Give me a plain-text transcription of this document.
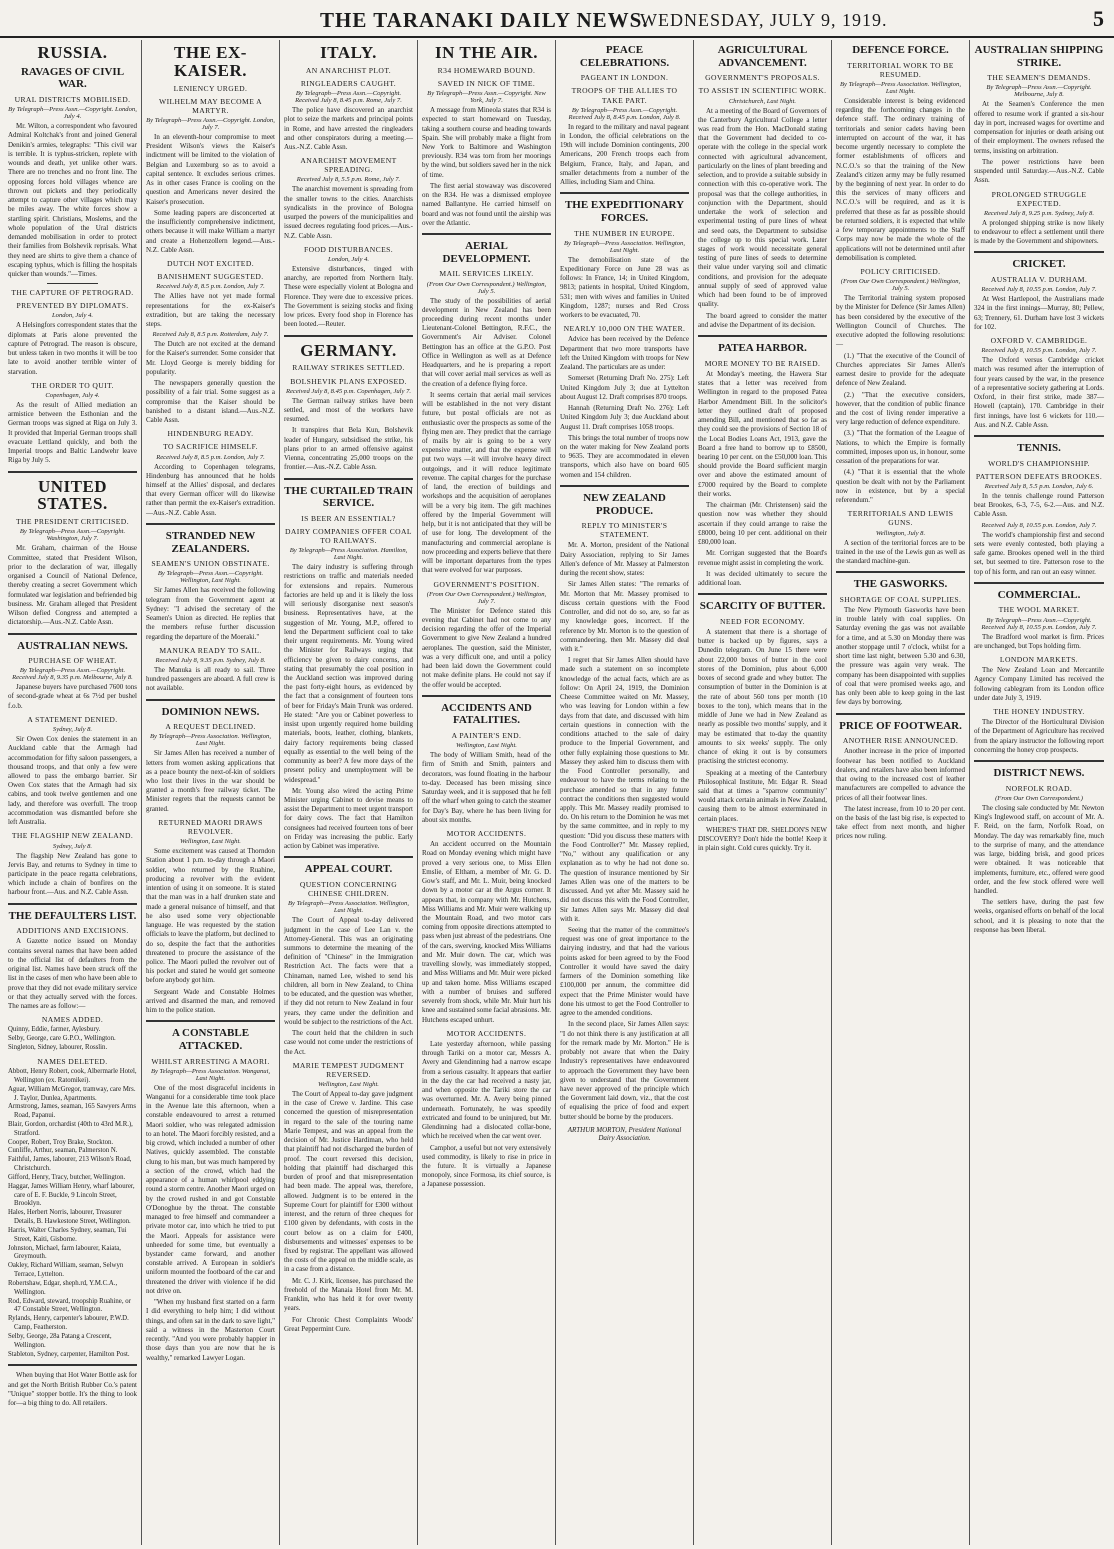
THE TARANAKI DAILY NEWS.
WEDNESDAY, JULY 9, 1919.	5
RUSSIA.
RAVAGES OF CIVIL WAR.
URAL DISTRICTS MOBILISED.
By Telegraph—Press Assn.—Copyright. London, July 4.

Mr. Wilton, a correspondent who favoured Admiral Koltchak's front and joined General Denikin's armies, telegraphs: "This civil war is terrible. It is typhus-stricken, replete with wounds and death, yet unlike other wars. There are no trenches and no front line. The opposing forces hold villages whence are thrown out pickets and they periodically attempt to capture other villages which may be miles away. The white forces show a startling spirit. Christians, Moslems, and the whole population of the Ural districts demanded mobilisation in order to protect their families from Bolshevik reprisals. What they need are shirts to give them a chance of escaping typhus, which is filling the hospitals quicker than wounds."—Times.

THE CAPTURE OF PETROGRAD.
PREVENTED BY DIPLOMATS.
London, July 4.

A Helsingfors correspondent states that the diplomats at Paris alone prevented the capture of Petrograd. The reason is obscure, but unless taken in two months it will be too late to avoid another terrible winter of starvation.

THE ORDER TO QUIT.
Copenhagen, July 4.

As the result of Allied mediation an armistice between the Esthonian and the German troops was signed at Riga on July 3. It provided that Imperial German troops shall evacuate Lettland quickly, and both the Imperial troops and Baltic Landwehr leave Riga by July 5.

UNITED STATES.
THE PRESIDENT CRITICISED.
By Telegraph—Press Assn.—Copyright. Washington, July 7.

Mr. Graham, chairman of the House Committee, stated that President Wilson, prior to the declaration of war, illegally organised a Council of National Defence, thereby creating a secret Government which formulated war legislation and befriended big business. Mr. Graham alleged that President Wilson defied Congress and attempted a dictatorship.—Aus.-N.Z. Cable Assn.

AUSTRALIAN NEWS.
PURCHASE OF WHEAT.
By Telegraph—Press Assn.—Copyright. Received July 8, 9.35 p.m. Melbourne, July 8.

Japanese buyers have purchased 7600 tons of second-grade wheat at 6s 7½d per bushel f.o.b.

A STATEMENT DENIED.
Sydney, July 8.

Sir Owen Cox denies the statement in an Auckland cable that the Armagh had accommodation for fifty saloon passengers, a thousand troops, and that only a few were allowed to pass the embargo barrier. Sir Owen Cox states that the Armagh had six cabins, and took twelve gentlemen and one lady, and therefore was overfull. The troop accommodation was dismantled before she left Australia.

THE FLAGSHIP NEW ZEALAND.
Sydney, July 8.

The flagship New Zealand has gone to Jervis Bay, and returns to Sydney in time to participate in the peace regatta celebrations, which include a chain of bonfires on the harbour front.—Aus. and N.Z. Cable Assn.

THE DEFAULTERS LIST.
ADDITIONS AND EXCISIONS.

A Gazette notice issued on Monday contains several names that have been added to the official list of defaulters from the original list. Names have been struck off the list in the cases of men who have been able to prove that they did not evade military service or that they actually served with the forces. The names are as follow:—

NAMES ADDED.
Quinny, Eddie, farmer, Aylesbury.
Selby, George, care G.P.O., Wellington.
Singleton, Sidney, labourer, Rosslin.
NAMES DELETED.
Abbott, Henry Robert, cook, Albermarle Hotel, Wellington (ex. Ratomikei).
Aguar, William McGregor, tramway, care Mrs. J. Taylor, Dunlea, Apartments.
Armstrong, James, seaman, 165 Sawyers Arms Road, Papanui.
Blair, Gordon, orchardist (40th to 43rd M.R.), Stratford.
Cooper, Robert, Troy Brake, Stockton.
Cunliffe, Arthur, seaman, Palmerston N.
Faithful, James, labourer, 213 Wilson's Road, Christchurch.
Gifford, Henry, Tracy, butcher, Wellington.
Haggar, James William Henry, wharf labourer, care of E. F. Buckle, 9 Lincoln Street, Brooklyn.
Hales, Herbert Norris, labourer, Treasurer Details, B. Hawkestone Street, Wellington.
Harris, Walter Charles Sydney, seaman, Tui Street, Kaiti, Gisborne.
Johnston, Michael, farm labourer, Kaiata, Greymouth.
Oakley, Richard William, seaman, Selwyn Terrace, Lyttelton.
Robertshaw, Edgar, sheph.rd, Y.M.C.A., Wellington.
Rod, Edward, steward, troopship Ruahine, or 47 Constable Street, Wellington.
Rylands, Henry, carpenter's labourer, P.W.D. Camp, Featherston.
Selby, George, 28a Patang a Crescent, Wellington.
Stableton, Sydney, carpenter, Hamilton Post.

When buying that Hot Water Bottle ask for and get the North British Rubber Co.'s patent "Unique" stopper bottle. It's the thing to look for—a big thing to do. All retailers.

THE EX-KAISER.
LENIENCY URGED.
WILHELM MAY BECOME A MARTYR.
By Telegraph—Press Assn.—Copyright. London, July 7.

In an eleventh-hour compromise to meet President Wilson's views the Kaiser's indictment will be limited to the violation of Belgian and Luxemburg so as to avoid a capital sentence. It excludes serious crimes. As in other cases France is cooling on the question and Americans never desired the Kaiser's prosecution.

Some leading papers are disconcerted at the insufficiently comprehensive indictment, others because it will make William a martyr and create a Hohenzollern legend.—Aus.-N.Z. Cable Assn.

DUTCH NOT EXCITED.
BANISHMENT SUGGESTED.
Received July 8, 8.5 p.m. London, July 7.

The Allies have not yet made formal representations for the ex-Kaiser's extradition, but are taking the necessary steps.

Received July 8, 8.5 p.m. Rotterdam, July 7.

The Dutch are not excited at the demand for the Kaiser's surrender. Some consider that Mr. Lloyd George is merely bidding for popularity.

The newspapers generally question the possibility of a fair trial. Some suggest as a compromise that the Kaiser should be banished to a distant island.—Aus.-N.Z. Cable Assn.

HINDENBURG READY.
TO SACRIFICE HIMSELF.
Received July 8, 8.5 p.m. London, July 7.

According to Copenhagen telegrams, Hindenburg has announced that he holds himself at the Allies' disposal, and declares that every German officer will do likewise rather than permit the ex-Kaiser's extradition.—Aus.-N.Z. Cable Assn.

STRANDED NEW ZEALANDERS.
SEAMEN'S UNION OBSTINATE.
By Telegraph—Press Assn.—Copyright. Wellington, Last Night.

Sir James Allen has received the following telegram from the Government agent at Sydney: "I advised the secretary of the Seamen's Union as directed. He replies that the members refuse further discussion regarding the departure of the Moeraki."

MANUKA READY TO SAIL.
Received July 8, 9.35 p.m. Sydney, July 8.

The Manuka is all ready to sail. Three hundred passengers are aboard. A full crew is not available.

DOMINION NEWS.
A REQUEST DECLINED.
By Telegraph—Press Association. Wellington, Last Night.

Sir James Allen has received a number of letters from women asking applications that as a peace bounty the next-of-kin of soldiers who lost their lives in the war should be granted a month's free railway ticket. The Minister regrets that the requests cannot be granted.

RETURNED MAORI DRAWS REVOLVER.
Wellington, Last Night.

Some excitement was caused at Thorndon Station about 1 p.m. to-day through a Maori soldier, who returned by the Ruahine, producing a revolver with the evident intention of using it on someone. It is stated that the man was in a half drunken state and made a general nuisance of himself, and that he also used some very objectionable language. He was requested by the station officials to leave the platform, but declined to do so, despite the fact that the authorities threatened to procure the assistance of the police. The Maori pulled the revolver out of his pocket and stated he would get someone before anybody got him.

Sergeant Wade and Constable Holmes arrived and disarmed the man, and removed him to the police station.

A CONSTABLE ATTACKED.
WHILST ARRESTING A MAORI.
By Telegraph—Press Association. Wanganui, Last Night.

One of the most disgraceful incidents in Wanganui for a considerable time took place in the Avenue late this afternoon, when a constable endeavoured to arrest a returned Maori soldier, who was relegated admission to an hotel. The Maori forcibly resisted, and a big crowd, which included a number of other Natives, quickly assembled. The constable clung to his man, but was much hampered by a section of the crowd, which had the appearance of a human whirlpool eddying round a storm centre. Another Maori urged on by the crowd rushed in and got Constable O'Donoghue by the throat. The constable managed to free himself and commandeer a private motor car, into which he tried to put the Maori. Appeals for assistance were unheeded for some time, but eventually a bystander came forward, and another constable arrived. A European in soldier's uniform mounted the footboard of the car and threatened the driver with violence if he did not drive on.

"When my husband first started on a farm I did everything to help him; I did without things, and often sat in the dark to save light," said a witness in the Masterton Court recently. "And you were probably happier in those days than you are now that he is wealthy," remarked Lawyer Logan.

ITALY.
AN ANARCHIST PLOT.
RINGLEADERS CAUGHT.
By Telegraph—Press Assn.—Copyright. Received July 8, 8.45 p.m. Rome, July 7.

The police have discovered an anarchist plot to seize the markets and principal points in Rome, and have arrested the ringleaders and other conspirators during a meeting.—Aus.-N.Z. Cable Assn.

ANARCHIST MOVEMENT SPREADING.
Received July 8, 5.5 p.m. Rome, July 7.

The anarchist movement is spreading from the smaller towns to the cities. Anarchists syndicalists in the province of Bologna usurped the powers of the municipalities and issued decrees regulating food prices.—Aus.-N.Z. Cable Assn.

FOOD DISTURBANCES.
London, July 4.

Extensive disturbances, tinged with anarchy, are reported from Northern Italy. These were especially violent at Bologna and Florence. They were due to excessive prices. The Government is seizing stocks and fixing low prices. Every food shop in Florence has been looted.—Reuter.

GERMANY.
RAILWAY STRIKES SETTLED.
BOLSHEVIK PLANS EXPOSED.
Received July 8, 8.45 p.m. Copenhagen, July 7.

The German railway strikes have been settled, and most of the workers have resumed.

It transpires that Bela Kun, Bolshevik leader of Hungary, subsidised the strike, his plans prior to an armed offensive against Vienna, concentrating 25,000 troops on the frontier.—Aus.-N.Z. Cable Assn.

THE CURTAILED TRAIN SERVICE.
IS BEER AN ESSENTIAL?
DAIRY COMPANIES OFFER COAL TO RAILWAYS.
By Telegraph—Press Association. Hamilton, Last Night.

The dairy industry is suffering through restrictions on traffic and materials needed for extensions and repairs. Numerous factories are held up and it is likely the loss will seriously disorganise next season's business. Representatives have, at the suggestion of Mr. Young, M.P., offered to lend the Department sufficient coal to take their urgent requirements. Mr. Young wired the Minister for Railways urging that efficiency be given to dairy concerns, and stating that presumably the coal position in the Auckland section was improved during the past forty-eight hours, as evidenced by the fact that a consignment of fourteen tons of beer for Friday's Main Trunk was ordered. He stated: "Are you or Cabinet powerless to insist upon urgently required home building materials, boots, leather, clothing, blankets, dairy factory requirements being classed equally as essential to the well being of the community as beer? A few more days of the present policy and unemployment will be widespread."

Mr. Young also wired the acting Prime Minister urging Cabinet to devise means to assist the Department to meet urgent transport for dairy cows. The fact that Hamilton consignees had received fourteen tons of beer on Friday was increasing the public. Early action by Cabinet was imperative.

APPEAL COURT.
QUESTION CONCERNING CHINESE CHILDREN.
By Telegraph—Press Association. Wellington, Last Night.

The Court of Appeal to-day delivered judgment in the case of Lee Lan v. the Attorney-General. This was an originating summons to determine the meaning of the definition of "Chinese" in the Immigration Restriction Act. The facts were that a Chinaman, named Lee, wished to send his children, all born in New Zealand, to China to be educated, and the question was whether, if they did not return to New Zealand in four years, they came under the definition and would be subject to the restrictions of the Act.

The court held that the children in such case would not come under the restrictions of the Act.

MARIE TEMPEST JUDGMENT REVERSED.
Wellington, Last Night.

The Court of Appeal to-day gave judgment in the case of Crewe v. Jardine. This case concerned the question of misrepresentation in regard to the sale of the touring name Marie Tempest, and was an appeal from the decision of Mr. Justice Hardiman, who held that plaintiff had not discharged the burden of proof. The court reversed this decision, holding that plaintiff had discharged this burden of proof and that misrepresentation had been made. The appeal was, therefore, allowed. Judgment is to be entered in the Supreme Court for plaintiff for £300 without interest, and the return of three cheques for £100 given by defendants, with costs in the court below as on a claim for £400, disbursements and witnesses' expenses to be fixed by registrar. The appellant was allowed the costs of the appeal on the middle scale, as in a case from a distance.

Mr. C. J. Kirk, licensee, has purchased the freehold of the Manaia Hotel from Mr. M. Franklin, who has held it for over twenty years.

For Chronic Chest Complaints Woods' Great Peppermint Cure.

IN THE AIR.
R34 HOMEWARD BOUND.
SAVED IN NICK OF TIME.
By Telegraph—Press Assn.—Copyright. New York, July 7.

A message from Mineola states that R34 is expected to start homeward on Tuesday, taking a southern course and heading towards Spain. She will probably make a flight from New York to Baltimore and Washington previously. R34 was torn from her moorings by the wind, but soldiers saved her in the nick of time.

The first aerial stowaway was discovered on the R34. He was a dismissed employee named Ballantyne. He carried himself on board and was not found until the airship was over the Atlantic.

AERIAL DEVELOPMENT.
MAIL SERVICES LIKELY.
(From Our Own Correspondent.) Wellington, July 5.

The study of the possibilities of aerial development in New Zealand has been proceeding during recent months under Lieutenant-Colonel Bettington, R.F.C., the Government's Air Adviser. Colonel Bettington has an office at the G.P.O. Post Office in Wellington as well as at Defence Headquarters, and he is preparing a report that will cover aerial mail services as well as the creation of a defence flying force.

It seems certain that aerial mail services will be established in the not very distant future, but postal officials are not as enthusiastic over the prospects as some of the flying men are. They predict that the carriage of mails by air is going to be a very expensive matter, and that the expense will put two ways —it will involve heavy direct outgoings, and it will reduce legitimate revenue. The capital charges for the purchase of land, the erection of buildings and workshops and the acquisition of aeroplanes will be a very big item. The gift machines offered by the Imperial Government will help, but it is not anticipated that they will be of use for long. The development of the manufacturing and commercial aeroplane is now proceeding and experts believe that there will be important departures from the types that were evolved for war purposes.

GOVERNMENT'S POSITION.
(From Our Own Correspondent.) Wellington, July 7.

The Minister for Defence stated this evening that Cabinet had not come to any decision regarding the offer of the Imperial Government to give New Zealand a hundred aeroplanes. The question, said the Minister, was a very difficult one, and until a policy had been laid down the Government could not make definite plans. He could not say if the offer would be accepted.

ACCIDENTS AND FATALITIES.
A PAINTER'S END.
Wellington, Last Night.

The body of William Smith, head of the firm of Smith and Smith, painters and decorators, was found floating in the harbour to-day. Deceased has been missing since Saturday week, and it is supposed that he fell off the wharf when going to catch the steamer for Day's Bay, where he has been living for about six months.

MOTOR ACCIDENTS.

An accident occurred on the Mountain Road on Monday evening which might have proved a very serious one, to Miss Ellen Emslie, of Eltham, a member of Mr. G. D. Gow's staff, and Mr. L. Muir, being knocked down by a motor car at the Argus corner. It appears that, in company with Mr. Hutchens, Miss Williams and Mr. Muir were walking up the Mountain Road, and two motor cars coming from opposite directions attempted to pass when just abreast of the pedestrians. One of the cars, swerving, knocked Miss Williams and Mr. Muir down. The car, which was travelling slowly, was immediately stopped, and Miss Williams and Mr. Muir were picked up and taken home. Miss Williams escaped with a number of bruises and suffered severely from shock, while Mr. Muir hurt his knee and sustained some facial abrasions. Mr. Hutchens escaped unhurt.

MOTOR ACCIDENTS.

Late yesterday afternoon, while passing through Tariki on a motor car, Messrs A. Avery and Glendinning had a narrow escape from a serious casualty. It appears that earlier in the day the car had received a nasty jar, and when opposite the Tariki store the car was overturned. Mr. A. Avery being pinned underneath. Fortunately, he was speedily extricated and found to be uninjured, but Mr. Glendinning had a dislocated collar-bone, which he received when the car went over.

Camphor, a useful but not very extensively used commodity, is likely to rise in price in the future. It is virtually a Japanese monopoly, since Formosa, its chief source, is a Japanese possession.

PEACE CELEBRATIONS.
PAGEANT IN LONDON.
TROOPS OF THE ALLIES TO TAKE PART.
By Telegraph—Press Assn.—Copyright. Received July 8, 8.45 p.m. London, July 8.

In regard to the military and naval pageant in London, the official celebrations on the 19th will include Dominion contingents, 200 Americans, 200 French troops each from Belgium, France, Italy, and Japan, and smaller detachments from a number of the Allies, including Siam and China.

THE EXPEDITIONARY FORCES.
THE NUMBER IN EUROPE.
By Telegraph—Press Association. Wellington, Last Night.

The demobilisation state of the Expeditionary Force on June 28 was as follows: In France, 14; in United Kingdom, 9813; patients in hospital, United Kingdom, 531; men with wives and families in United Kingdom, 1287; nurses and Red Cross workers to be evacuated, 70.

NEARLY 10,000 ON THE WATER.

Advice has been received by the Defence Department that two more transports have left the United Kingdom with troops for New Zealand. The particulars are as under:

Somerset (Returning Draft No. 275): Left United Kingdom July 3; due at Lyttelton about August 12. Draft comprises 870 troops.

Hannah (Returning Draft No. 276): Left United Kingdom July 3; due Auckland about August 11. Draft comprises 1058 troops.

This brings the total number of troops now on the water making for New Zealand ports to 9635. They are accommodated in eleven transports, which also have on board 605 women and 154 children.

NEW ZEALAND PRODUCE.
REPLY TO MINISTER'S STATEMENT.

Mr. A. Morton, president of the National Dairy Association, replying to Sir James Allen's defence of Mr. Massey at Palmerston during the recent show, states:

Sir James Allen states: "The remarks of Mr. Morton that Mr. Massey promised to discuss certain questions with the Food Controller, and did not do so, are, so far as my knowledge goes, incorrect. If the reference by Mr. Morton is to the question of commandeering, then Mr. Massey did deal with it."

I regret that Sir James Allen should have made such a statement on so incomplete knowledge of the actual facts, which are as follow: On April 24, 1919, the Dominion Cheese Committee waited on Mr. Massey, who was leaving for London within a few days from that date, and discussed with him certain questions in connection with the conditions attached to the sale of dairy produce to the Imperial Government, and other fully explaining those questions to Mr. Massey they asked him to discuss them with the Food Controller personally, and endeavour to have the terms relating to the purchase amended so that in any future contract the conditions then suggested would apply. This Mr. Massey readily promised to do. On his return to the Dominion he was met by the same committee, and in reply to my question: "Did you discuss these matters with the Food Controller?" Mr. Massey replied, "No," without any qualification or any explanation as to why he had not done so. The question of insurance mentioned by Sir James Allen was one of the matters to be discussed. And yet after Mr. Massey said he did not discuss this with the Food Controller, Sir James Allen says Mr. Massey did deal with it.

Seeing that the matter of the committee's request was one of great importance to the dairying industry, and that had the various points asked for been agreed to by the Food Controller it would have saved the dairy farmers of the Dominion something like £100,000 per annum, the committee did expect that the Prime Minister would have done his utmost to get the Food Controller to agree to the amended conditions.

In the second place, Sir James Allen says: "I do not think there is any justification at all for the remark made by Mr. Morton." He is probably not aware that when the Dairy Industry's representatives have endeavoured to approach the Government they have been given to understand that the Government have never approved of the principle which the Government laid down, viz., that the cost of equalising the price of food and expert butter should be borne by the producers.

ARTHUR MORTON, President National Dairy Association.
AGRICULTURAL ADVANCEMENT.
GOVERNMENT'S PROPOSALS.
TO ASSIST IN SCIENTIFIC WORK.
Christchurch, Last Night.

At a meeting of the Board of Governors of the Canterbury Agricultural College a letter was read from the Hon. MacDonald stating that the Government had decided to co-operate with the college in the special work connected with agricultural advancement, particularly on the lines of plant breeding and selection, and to provide a suitable subsidy in connection with this co-operative work. The proposal was that the college authorities, in conjunction with the Department, should undertake the work of selection and experimental testing of pure lines of wheat and seed oats, the Department to subsidise the college up to this special work. Later stages of work would necessitate general testing of pure lines of seeds to determine their value under varying soil and climatic conditions, and provision for the adequate annual supply of seed of approved value which had been found to be of improved quality.

The board agreed to consider the matter and advise the Department of its decision.

PATEA HARBOR.
MORE MONEY TO BE RAISED.

At Monday's meeting, the Hawera Star states that a letter was received from Wellington in regard to the proposed Patea Harbor Amendment Bill. In the solicitor's letter they outlined draft of proposed amending Bill, and mentioned that so far as they could see the provisions of Section 18 of the Local Bodies Loans Act, 1913, gave the Board a free hand to borrow up to £8500, bearing 10 per cent. on the £50,000 loan. This should provide the Board sufficient margin over and above the estimated amount of £7000 required by the Board to complete their works.

The chairman (Mr. Christensen) said the question now was whether they should ascertain if they could arrange to raise the £8000, being 10 per cent. additional on their £80,000 loan.

Mr. Corrigan suggested that the Board's revenue might assist in completing the work.

It was decided ultimately to secure the additional loan.

SCARCITY OF BUTTER.
NEED FOR ECONOMY.

A statement that there is a shortage of butter is backed up by figures, says a Dunedin telegram. On June 15 there were about 22,000 boxes of butter in the cool stores of the Dominion, plus about 6,000 boxes of second grade and whey butter. The consumption of butter in the Dominion is at the rate of about 560 tons per month (10 boxes to the ton), which means that in the middle of June we had in New Zealand as nearly as possible two months' supply, and it may be estimated that to-day the quantity amounts to six weeks' supply. The only chance of eking it out is by consumers practising the strictest economy.

Speaking at a meeting of the Canterbury Philosophical Institute, Mr. Edgar R. Stead said that at times a "sparrow community" would attack certain animals in New Zealand, causing them to be almost exterminated in certain places.

WHERE'S THAT DR. SHELDON'S NEW DISCOVERY? Don't hide the bottle! Keep it in plain sight. Cold cures quickly. Try it.

DEFENCE FORCE.
TERRITORIAL WORK TO BE RESUMED.
By Telegraph—Press Association. Wellington, Last Night.

Considerable interest is being evidenced regarding the forthcoming changes in the defence staff. The ordinary training of territorials and senior cadets having been interrupted on account of the war, it has become urgently necessary to complete the former establishments of officers and N.C.O.'s so that the training of the New Zealand's citizen army may be fully resumed by the beginning of next year. In order to do this the services of many officers and N.C.O.'s will be required, and as it is preferred that these as far as possible should be returned soldiers, it is expected that while a few temporary appointments to the Staff Corps may now be made the whole of the applications will not be determined until after demobilisation is completed.

POLICY CRITICISED.
(From Our Own Correspondent.) Wellington, July 5.

The Territorial training system proposed by the Minister for Defence (Sir James Allen) has been considered by the executive of the Wellington Council of Churches. The executive adopted the following resolutions:—

(1.) "That the executive of the Council of Churches appreciates Sir James Allen's earnest desire to provide for the adequate defence of New Zealand.

(2.) "That the executive considers, however, that the condition of public finance and the cost of living render imperative a very large reduction of defence expenditure.

(3.) "That the formation of the League of Nations, to which the Empire is formally committed, imposes upon us, in honour, some cessation of the preparations for war.

(4.) "That it is essential that the whole question be dealt with not by the Parliament now in existence, but by a special referendum."

TERRITORIALS AND LEWIS GUNS.
Wellington, July 8.

A section of the territorial forces are to be trained in the use of the Lewis gun as well as the standard machine-gun.

THE GASWORKS.
SHORTAGE OF COAL SUPPLIES.

The New Plymouth Gasworks have been in trouble lately with coal supplies. On Saturday evening the gas was not available for a time, and at 5.30 on Monday there was another stoppage until 7 o'clock, whilst for a short time last night, between 5.30 and 6.30, the pressure was again very weak. The company has been disappointed with supplies of coal that were promised weeks ago, and has only been able to keep going in the last few days by borrowing.

PRICE OF FOOTWEAR.
ANOTHER RISE ANNOUNCED.

Another increase in the price of imported footwear has been notified to Auckland dealers, and retailers have also been informed that owing to the increased cost of leather manufacturers are compelled to advance the prices of all their footwear lines.

The latest increase, from 10 to 20 per cent. on the basis of the last big rise, is expected to take effect from next month, and higher prices now ruling.

AUSTRALIAN SHIPPING STRIKE.
THE SEAMEN'S DEMANDS.
By Telegraph—Press Assn.—Copyright. Melbourne, July 8.

At the Seamen's Conference the men offered to resume work if granted a six-hour day in port, increased wages for overtime and compensation for injuries or death arising out of their employment. The owners refused the terms, insisting on arbitration.

The power restrictions have been suspended until Saturday.—Aus.-N.Z. Cable Assn.

PROLONGED STRUGGLE EXPECTED.
Received July 8, 9.25 p.m. Sydney, July 8.

A prolonged shipping strike is now likely to endeavour to effect a settlement until there is made by the Government and shipowners.

CRICKET.
AUSTRALIA V. DURHAM.
Received July 8, 10.55 p.m. London, July 7.

At West Hartlepool, the Australians made 324 in the first innings—Murray, 80; Pellew, 63; Trennery, 61. Durham have lost 3 wickets for 102.

OXFORD V. CAMBRIDGE.
Received July 8, 10.55 p.m. London, July 7.

The Oxford versus Cambridge cricket match was resumed after the interruption of four years caused by the war, in the presence of a representative society gathering at Lords. Oxford, in their first strike, made 387—Howell (captain), 170. Cambridge in their first innings, have lost 6 wickets for 110.—Aus. and N.Z. Cable Assn.

TENNIS.
WORLD'S CHAMPIONSHIP.
PATTERSON DEFEATS BROOKES.
Received July 8, 5.5 p.m. London, July 6.

In the tennis challenge round Patterson beat Brookes, 6-3, 7-5, 6-2.—Aus. and N.Z. Cable Assn.

Received July 8, 10.55 p.m. London, July 7.

The world's championship first and second sets were evenly contested, both playing a safe game. Brookes opened well in the third set, but seemed to tire. Patterson rose to the top of his form, and ran out an easy winner.

COMMERCIAL.
THE WOOL MARKET.
By Telegraph—Press Assn.—Copyright. Received July 8, 10.55 p.m. London, July 7.

The Bradford wool market is firm. Prices are unchanged, but Tops holding firm.

LONDON MARKETS.

The New Zealand Loan and Mercantile Agency Company Limited has received the following cablegram from its London office under date July 3, 1919.

THE HONEY INDUSTRY.

The Director of the Horticultural Division of the Department of Agriculture has received from the apiary instructor the following report concerning the honey crop prospects.

DISTRICT NEWS.
NORFOLK ROAD.
(From Our Own Correspondent.)

The closing sale conducted by Mr. Newton King's Inglewood staff, on account of Mr. A. F. Reid, on the farm, Norfolk Road, on Monday. The day was remarkably fine, much to the surprise of many, and the attendance was large, bidding brisk, and good prices were obtained. It was noticeable that implements, furniture, etc., offered were good order, and the few stock offered were well handled.

The settlers have, during the past few weeks, organised efforts on behalf of the local school, and it is pleasing to note that the response has been liberal.
